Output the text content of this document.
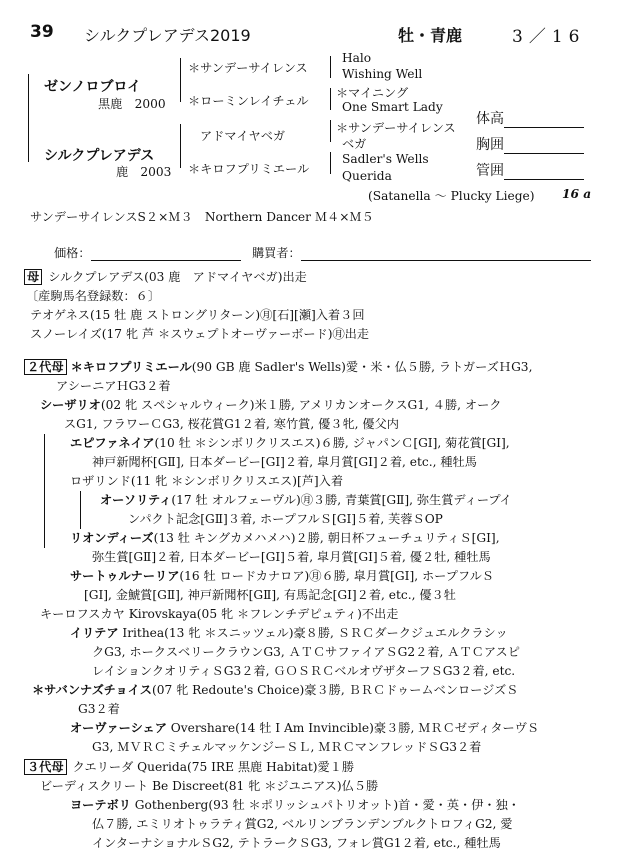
39 シルクプレアデス2019	牡・青鹿	3／16
ゼンノロブロイ
黒鹿　 2000
シルクプレアデス
鹿　 2003
＊サンデーサイレンス
＊ローミンレイチェル
アドマイヤベガ
＊キロフプリミエール
Halo
Wishing Well
＊マイニング
One Smart Lady
＊サンデーサイレンス
ベガ
Sadler's Wells
Querida
(Satanella ～ Plucky Liege) 16 a
体高
胸囲
管囲
サンデーサイレンスS２×Ｍ３　Northern Dancer Ｍ４×Ｍ５
価格：	購買者：
母 シルクプレアデス(03 鹿　アドマイヤベガ)出走
〔産駒馬名登録数：６〕
テオゲネス(15 牡 鹿 ストロングリターン)㊊[石][瀬]入着３回
スノーレイズ(17 牝 芦 ＊スウェプトオーヴァーボード)㊊出走
２代母 ＊キロフプリミエール(90 GB 鹿 Sadler's Wells)愛・米・仏５勝, ラトガーズＨG3,
アシーニアＨG3２着
シーザリオ(02 牝 スペシャルウィーク)米１勝, アメリカンオークスG1, ４勝, オーク
スG1, フラワーＣG3, 桜花賞G1２着, 寒竹賞, 優３牝, 優父内
エピファネイア(10 牡 ＊シンボリクリスエス)６勝, ジャパンＣ[GⅠ], 菊花賞[GⅠ],
神戸新聞杯[GⅡ], 日本ダービー[GⅠ]２着, 皐月賞[GⅠ]２着, etc., 種牡馬
ロザリンド(11 牝 ＊シンボリクリスエス)[芦]入着
オーソリティ(17 牡 オルフェーヴル)㊊３勝, 青葉賞[GⅡ], 弥生賞ディープイ
ンパクト記念[GⅡ]３着, ホープフルＳ[GⅠ]５着, 芙蓉ＳOP
リオンディーズ(13 牡 キングカメハメハ)２勝, 朝日杯フューチュリティＳ[GⅠ],
弥生賞[GⅡ]２着, 日本ダービー[GⅠ]５着, 皐月賞[GⅠ]５着, 優２牡, 種牡馬
サートゥルナーリア(16 牡 ロードカナロア)㊊６勝, 皐月賞[GⅠ], ホープフルＳ
[GⅠ], 金鯱賞[GⅡ], 神戸新聞杯[GⅡ], 有馬記念[GⅠ]２着, etc., 優３牡
キーロフスカヤ Kirovskaya(05 牝 ＊フレンチデピュティ)不出走
イリテア Irithea(13 牝 ＊スニッツェル)豪８勝, ＳＲＣダークジュエルクラシッ
クG3, ホークスベリークラウンG3, ＡＴＣサファイアＳG2２着, ＡＴＣアスピ
レイションクオリティＳG3２着, ＧＯＳＲＣベルオヴザターフＳG3２着, etc.
＊サバンナズチョイス(07 牝 Redoute's Choice)豪３勝, ＢＲＣドゥームベンロージズＳ
G3２着
オーヴァーシェア Overshare(14 牡 I Am Invincible)豪３勝, ＭＲＣゼディターヴＳ
G3, ＭＶＲＣミチェルマッケンジーＳＬ, ＭＲＣマンフレッドＳG3２着
３代母 クエリーダ Querida(75 IRE 黒鹿 Habitat)愛１勝
ビーディスクリート Be Discreet(81 牝 ＊ジユニアス)仏５勝
ヨーテボリ Gothenberg(93 牡 ＊ポリッシュパトリオット)首・愛・英・伊・独・
仏７勝, エミリオトゥラティ賞G2, ベルリンブランデンブルクトロフィG2, 愛
インターナショナルＳG2, テトラークＳG3, フォレ賞G1２着, etc., 種牡馬
